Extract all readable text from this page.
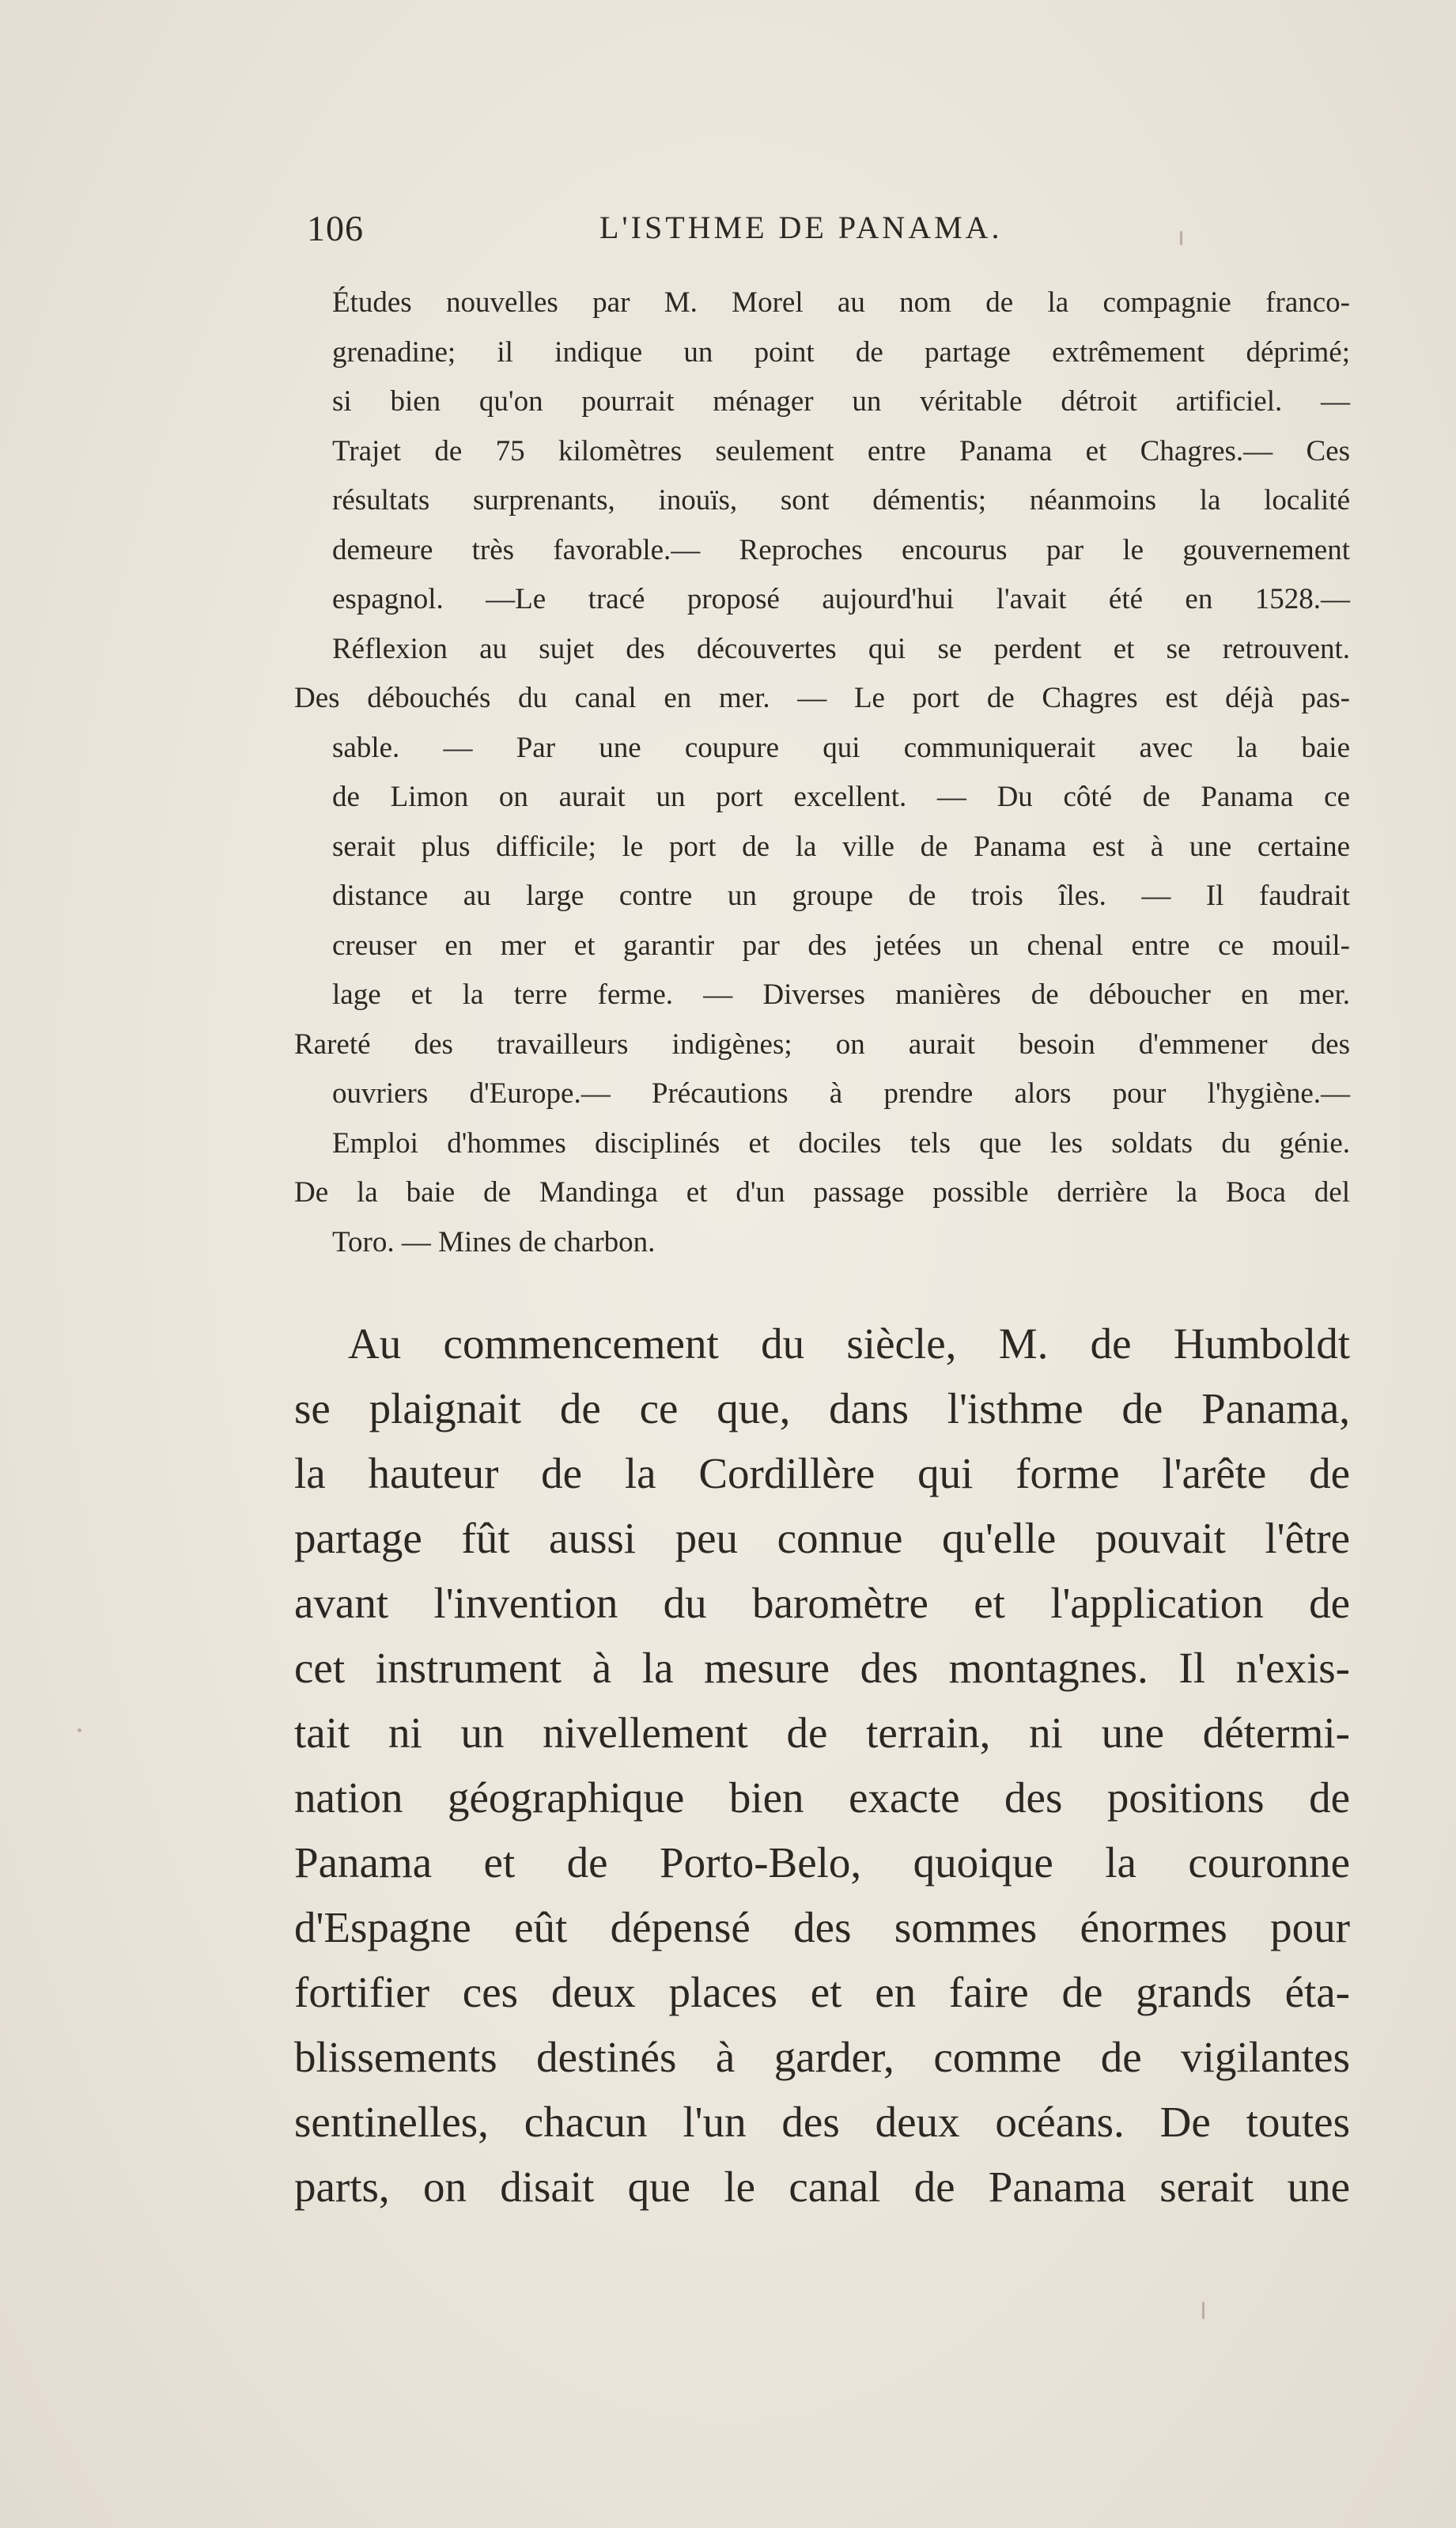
106	L'ISTHME DE PANAMA.
Études nouvelles par M. Morel au nom de la compagnie franco-
grenadine; il indique un point de partage extrêmement déprimé;
si bien qu'on pourrait ménager un véritable détroit artificiel. —
Trajet de 75 kilomètres seulement entre Panama et Chagres.— Ces
résultats surprenants, inouïs, sont démentis; néanmoins la localité
demeure très favorable.— Reproches encourus par le gouvernement
espagnol. —Le tracé proposé aujourd'hui l'avait été en 1528.—
Réflexion au sujet des découvertes qui se perdent et se retrouvent.
Des débouchés du canal en mer. — Le port de Chagres est déjà pas-
sable. — Par une coupure qui communiquerait avec la baie
de Limon on aurait un port excellent. — Du côté de Panama ce
serait plus difficile; le port de la ville de Panama est à une certaine
distance au large contre un groupe de trois îles. — Il faudrait
creuser en mer et garantir par des jetées un chenal entre ce mouil-
lage et la terre ferme. — Diverses manières de déboucher en mer.
Rareté des travailleurs indigènes; on aurait besoin d'emmener des
ouvriers d'Europe.— Précautions à prendre alors pour l'hygiène.—
Emploi d'hommes disciplinés et dociles tels que les soldats du génie.
De la baie de Mandinga et d'un passage possible derrière la Boca del
Toro. — Mines de charbon.
Au commencement du siècle, M. de Humboldt
se plaignait de ce que, dans l'isthme de Panama,
la hauteur de la Cordillère qui forme l'arête de
partage fût aussi peu connue qu'elle pouvait l'être
avant l'invention du baromètre et l'application de
cet instrument à la mesure des montagnes. Il n'exis-
tait ni un nivellement de terrain, ni une détermi-
nation géographique bien exacte des positions de
Panama et de Porto-Belo, quoique la couronne
d'Espagne eût dépensé des sommes énormes pour
fortifier ces deux places et en faire de grands éta-
blissements destinés à garder, comme de vigilantes
sentinelles, chacun l'un des deux océans. De toutes
parts, on disait que le canal de Panama serait une
